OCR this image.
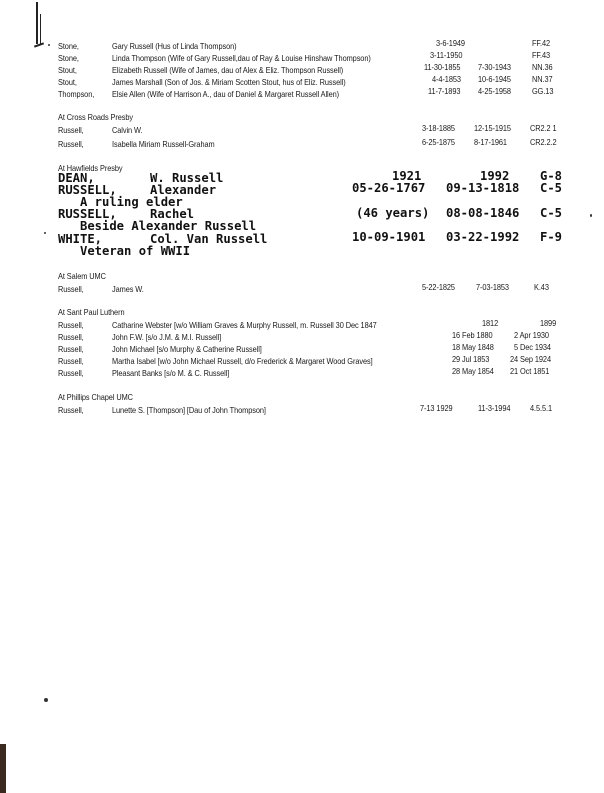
Stone,	Gary Russell (Hus of Linda Thompson)	3-6-1949	FF.42
Stone,	Linda Thompson (Wife of Gary Russell,dau of Ray & Louise Hinshaw Thompson)	3-11-1950	FF.43
Stout,	Elizabeth Russell (Wife of James, dau of Alex & Eliz. Thompson Russell)	11-30-1855 7-30-1943 NN.36
Stout,	James Marshall (Son of Jos. & Miriam Scotten Stout, hus of Eliz. Russell)	4-4-1853 10-6-1945 NN.37
Thompson, Elsie Allen (Wife of Harrison A., dau of Daniel & Margaret Russell Allen)	11-7-1893 4-25-1958 GG.13
At Cross Roads Presby
Russell,	Calvin W.	3-18-1885 12-15-1915 CR2.2 1
Russell,	Isabella Miriam Russell-Graham	6-25-1875 8-17-1961	CR2.2.2
At Hawfields Presby
DEAN,	W. Russell	1921	1992	G-8
RUSSELL,	Alexander	05-26-1767 09-13-1818 C-5
A ruling elder
RUSSELL,	Rachel	(46 years) 08-08-1846 C-5
Beside Alexander Russell
WHITE,	Col. Van Russell	10-09-1901 03-22-1992 F-9
Veteran of WWII
At Salem UMC
Russell,	James W.	5-22-1825 7-03-1853	K.43
At Sant Paul Luthern
Russell,	Catharine Webster [w/o William Graves & Murphy Russell, m. Russell 30 Dec 1847	1812	1899
Russell,	John F.W. [s/o J.M. & M.I. Russell]	16 Feb 1880 2 Apr 1930
Russell,	John Michael [s/o Murphy & Catherine Russell]	18 May 1848 5 Dec 1934
Russell,	Martha Isabel [w/o John Michael Russell, d/o Frederick & Margaret Wood Graves]	29 Jul 1853 24 Sep 1924
Russell,	Pleasant Banks [s/o M. & C. Russell]	28 May 1854 21 Oct 1851
At Phillips Chapel UMC
Russell,	Lunette S. [Thompson] [Dau of John Thompson]	7-13 1929	11-3-1994 4.5.5.1
